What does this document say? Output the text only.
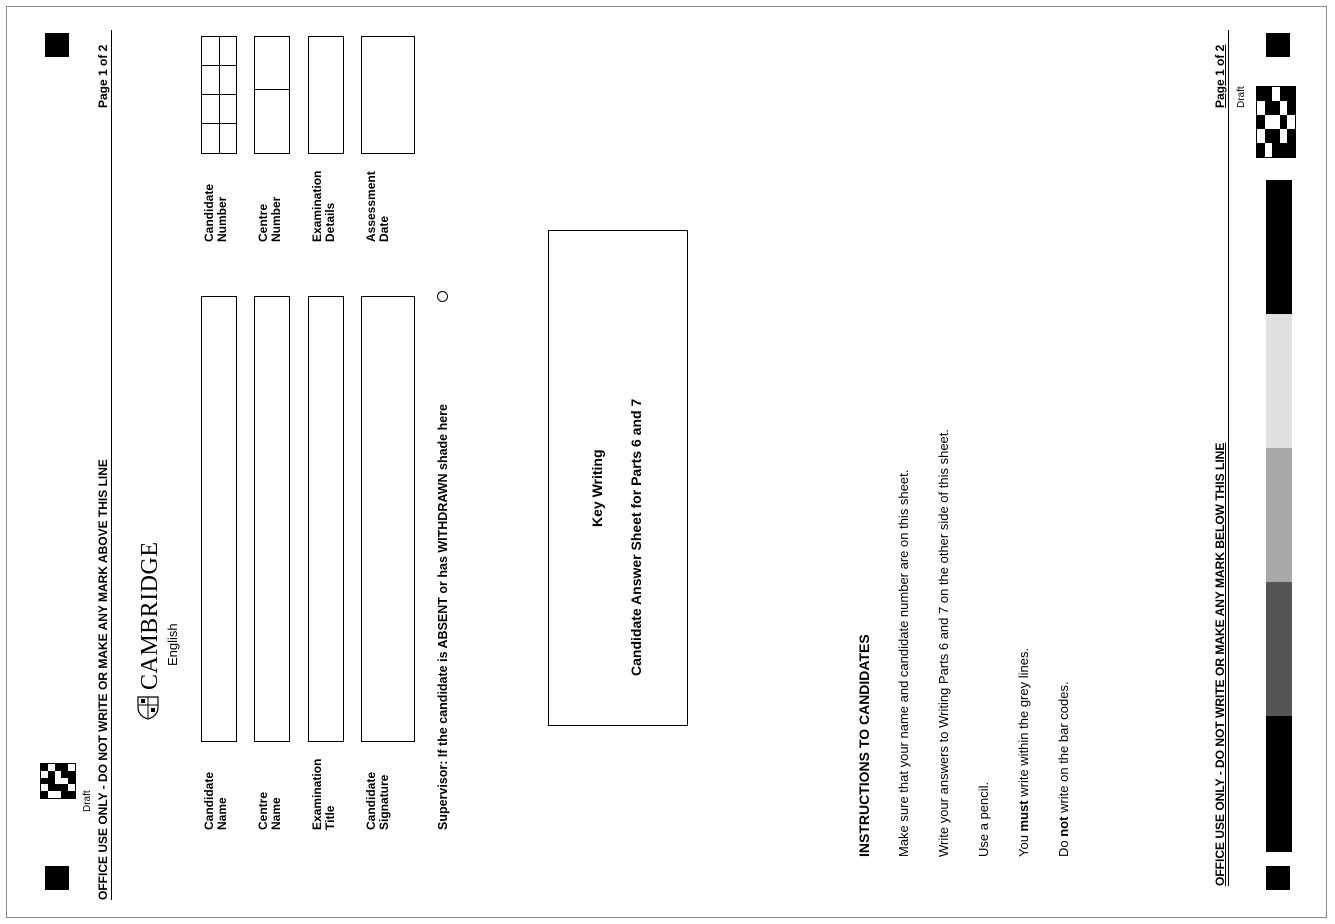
Draft OFFICE USE ONLY - DO NOT WRITE OR MAKE ANY MARK ABOVE THIS LINE
Page 1 of 2
CAMBRIDGE English
Candidate Name Centre Name Examination Title Candidate Signature
Candidate Number Centre Number Examination Details Assessment Date
Supervisor: If the candidate is ABSENT or has WITHDRAWN shade here	Key Writing Candidate Answer Sheet for Parts 6 and 7
INSTRUCTIONS TO CANDIDATES Make sure that your name and candidate number are on this sheet. Write your answers to Writing Parts 6 and 7 on the other side of this sheet. Use a pencil. You must write within the grey lines.
Do not write on the bar codes.	OFFICE USE ONLY - DO NOT WRITE OR MAKE ANY MARK BELOW THIS LINE
Page 1 of 2 Draft
